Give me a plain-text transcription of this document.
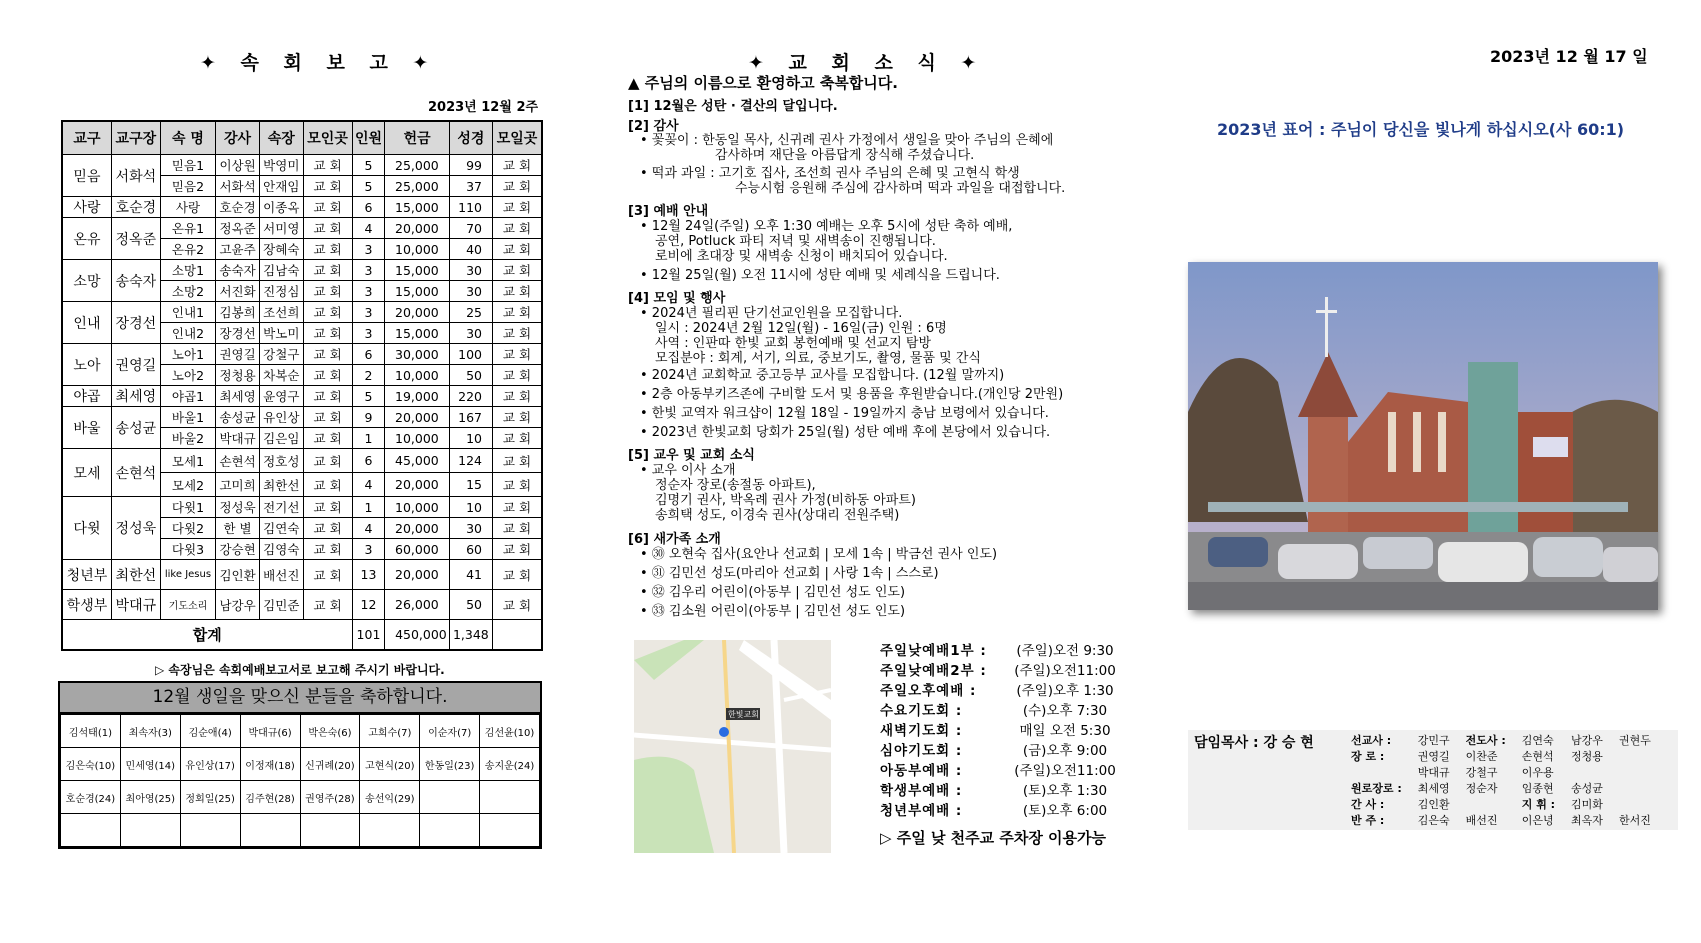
✦ 속 회 보 고 ✦
2023년 12월 2주
교구	교구장	속 명	강사	속장	모인곳	인원	헌금	성경	모일곳
믿음	서화석	믿음1	이상원	박영미	교 회	5	25,000	99	교 회
		믿음2	서화석	안재임	교 회	5	25,000	37	교 회
사랑	호순경	사랑	호순경	이종옥	교 회	6	15,000	110	교 회
온유	정옥준	온유1	정옥준	서미영	교 회	4	20,000	70	교 회
		온유2	고윤주	장혜숙	교 회	3	10,000	40	교 회
소망	송숙자	소망1	송숙자	김남숙	교 회	3	15,000	30	교 회
		소망2	서진화	진정심	교 회	3	15,000	30	교 회
인내	장경선	인내1	김봉희	조선희	교 회	3	20,000	25	교 회
		인내2	장경선	박노미	교 회	3	15,000	30	교 회
노아	권영길	노아1	권영길	강철구	교 회	6	30,000	100	교 회
		노아2	정청용	차복순	교 회	2	10,000	50	교 회
야곱	최세영	야곱1	최세영	윤영구	교 회	5	19,000	220	교 회
바울	송성균	바울1	송성균	유인상	교 회	9	20,000	167	교 회
		바울2	박대규	김은임	교 회	1	10,000	10	교 회
모세	손현석	모세1	손현석	정호성	교 회	6	45,000	124	교 회
		모세2	고미희	최한선	교 회	4	20,000	15	교 회
다윗	정성욱	다윗1	정성욱	전기선	교 회	1	10,000	10	교 회
		다윗2	한 별	김연숙	교 회	4	20,000	30	교 회
		다윗3	강승현	김영숙	교 회	3	60,000	60	교 회
청년부	최한선	like Jesus	김인환	배선진	교 회	13	20,000	41	교 회
학생부	박대규	기도소리	남강우	김민준	교 회	12	26,000	50	교 회
합계						101	450,000	1,348	
▷ 속장님은 속회예배보고서로 보고해 주시기 바랍니다.
12월 생일을 맞으신 분들을 축하합니다.
김석태(1)	최속자(3)	김순애(4)	박대규(6)	박은숙(6)	고희수(7)	이순자(7)	김선윤(10)
김은숙(10)	민세영(14)	유인상(17)	이정재(18)	신귀례(20)	고현식(20)	한동일(23)	송지운(24)
호순경(24)	최아영(25)	정회일(25)	김주현(28)	권영주(28)	송선익(29)		

✦ 교 회 소 식 ✦
▲ 주님의 이름으로 환영하고 축복합니다.
[1] 12월은 성탄 · 결산의 달입니다.
[2] 감사
• 꽃꽂이 : 한동일 목사, 신귀례 권사 가정에서 생일을 맞아 주님의 은혜에
감사하며 재단을 아름답게 장식해 주셨습니다.
• 떡과 과일 : 고기호 집사, 조선희 권사 주님의 은혜 및 고현식 학생
수능시험 응원해 주심에 감사하며 떡과 과일을 대접합니다.
[3] 예배 안내
• 12월 24일(주일) 오후 1:30 예배는 오후 5시에 성탄 축하 예배,
공연, Potluck 파티 저녁 및 새벽송이 진행됩니다.
로비에 초대장 및 새벽송 신청이 배치되어 있습니다.
• 12월 25일(월) 오전 11시에 성탄 예배 및 세례식을 드립니다.
[4] 모임 및 행사
• 2024년 필리핀 단기선교인원을 모집합니다.
일시 : 2024년 2월 12일(월) - 16일(금) 인원 : 6명
사역 : 인판따 한빛 교회 봉헌예배 및 선교지 탐방
모집분야 : 회계, 서기, 의료, 중보기도, 촬영, 물품 및 간식
• 2024년 교회학교 중고등부 교사를 모집합니다. (12월 말까지)
• 2층 아동부키즈존에 구비할 도서 및 용품을 후원받습니다.(개인당 2만원)
• 한빛 교역자 워크샵이 12월 18일 - 19일까지 충남 보령에서 있습니다.
• 2023년 한빛교회 당회가 25일(월) 성탄 예배 후에 본당에서 있습니다.
[5] 교우 및 교회 소식
• 교우 이사 소개
정순자 장로(송절동 아파트),
김명기 권사, 박옥례 권사 가정(비하동 아파트)
송희택 성도, 이경숙 권사(상대리 전원주택)
[6] 새가족 소개
• ㉚ 오현숙 집사(요안나 선교회 | 모세 1속 | 박금선 권사 인도)
• ㉛ 김민선 성도(마리아 선교회 | 사랑 1속 | 스스로)
• ㉜ 김우리 어린이(아동부 | 김민선 성도 인도)
• ㉝ 김소원 어린이(아동부 | 김민선 성도 인도)
한빛교회
주일낮예배1부 : (주일)오전 9:30
주일낮예배2부 : (주일)오전11:00
주일오후예배 :	(주일)오후 1:30
수요기도회 :	(수)오후 7:30
새벽기도회 :	매일 오전 5:30
심야기도회 :	(금)오후 9:00
아동부예배 :	(주일)오전11:00
학생부예배 :	(토)오후 1:30
청년부예배 :	(토)오후 6:00
▷ 주일 낮 천주교 주차장 이용가능
2023년 12 월 17 일
2023년 표어 : 주님이 당신을 빛나게 하십시오(사 60:1)
담임목사 : 강 승 현	선교사 :	강민구	전도사 :	김연숙	남강우	권현두
장 로 :	권영길	이찬준	손현석	정청용	
	박대규	강철구	이우용		
원로장로 :	최세영	정순자	임종현	송성균	
간 사 :	김인환		지 휘 :	김미화	
반 주 :	김은숙	배선진	이은녕	최옥자	한서진
